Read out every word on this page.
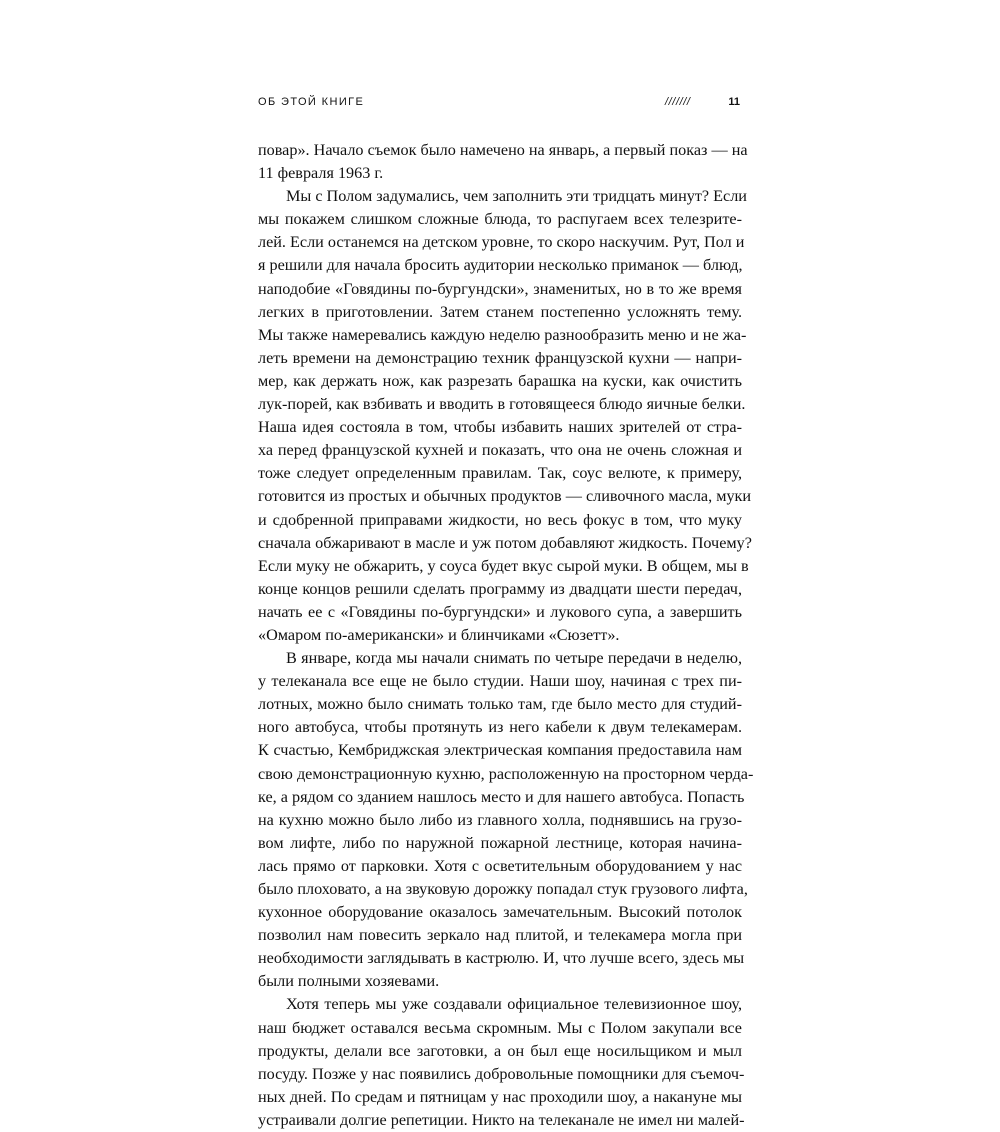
ОБ ЭТОЙ КНИГЕ	///////	11
повар». Начало съемок было намечено на январь, а первый показ — на
11 февраля 1963 г.
Мы с Полом задумались, чем заполнить эти тридцать минут? Если
мы покажем слишком сложные блюда, то распугаем всех телезрите-
лей. Если останемся на детском уровне, то скоро наскучим. Рут, Пол и
я решили для начала бросить аудитории несколько приманок — блюд,
наподобие «Говядины по-бургундски», знаменитых, но в то же время
легких в приготовлении. Затем станем постепенно усложнять тему.
Мы также намеревались каждую неделю разнообразить меню и не жа-
леть времени на демонстрацию техник французской кухни — напри-
мер, как держать нож, как разрезать барашка на куски, как очистить
лук-порей, как взбивать и вводить в готовящееся блюдо яичные белки.
Наша идея состояла в том, чтобы избавить наших зрителей от стра-
ха перед французской кухней и показать, что она не очень сложная и
тоже следует определенным правилам. Так, соус велюте, к примеру,
готовится из простых и обычных продуктов — сливочного масла, муки
и сдобренной приправами жидкости, но весь фокус в том, что муку
сначала обжаривают в масле и уж потом добавляют жидкость. Почему?
Если муку не обжарить, у соуса будет вкус сырой муки. В общем, мы в
конце концов решили сделать программу из двадцати шести передач,
начать ее с «Говядины по-бургундски» и лукового супа, а завершить
«Омаром по-американски» и блинчиками «Сюзетт».
В январе, когда мы начали снимать по четыре передачи в неделю,
у телеканала все еще не было студии. Наши шоу, начиная с трех пи-
лотных, можно было снимать только там, где было место для студий-
ного автобуса, чтобы протянуть из него кабели к двум телекамерам.
К счастью, Кембриджская электрическая компания предоставила нам
свою демонстрационную кухню, расположенную на просторном черда-
ке, а рядом со зданием нашлось место и для нашего автобуса. Попасть
на кухню можно было либо из главного холла, поднявшись на грузо-
вом лифте, либо по наружной пожарной лестнице, которая начина-
лась прямо от парковки. Хотя с осветительным оборудованием у нас
было плоховато, а на звуковую дорожку попадал стук грузового лифта,
кухонное оборудование оказалось замечательным. Высокий потолок
позволил нам повесить зеркало над плитой, и телекамера могла при
необходимости заглядывать в кастрюлю. И, что лучше всего, здесь мы
были полными хозяевами.
Хотя теперь мы уже создавали официальное телевизионное шоу,
наш бюджет оставался весьма скромным. Мы с Полом закупали все
продукты, делали все заготовки, а он был еще носильщиком и мыл
посуду. Позже у нас появились добровольные помощники для съемоч-
ных дней. По средам и пятницам у нас проходили шоу, а накануне мы
устраивали долгие репетиции. Никто на телеканале не имел ни малей-
